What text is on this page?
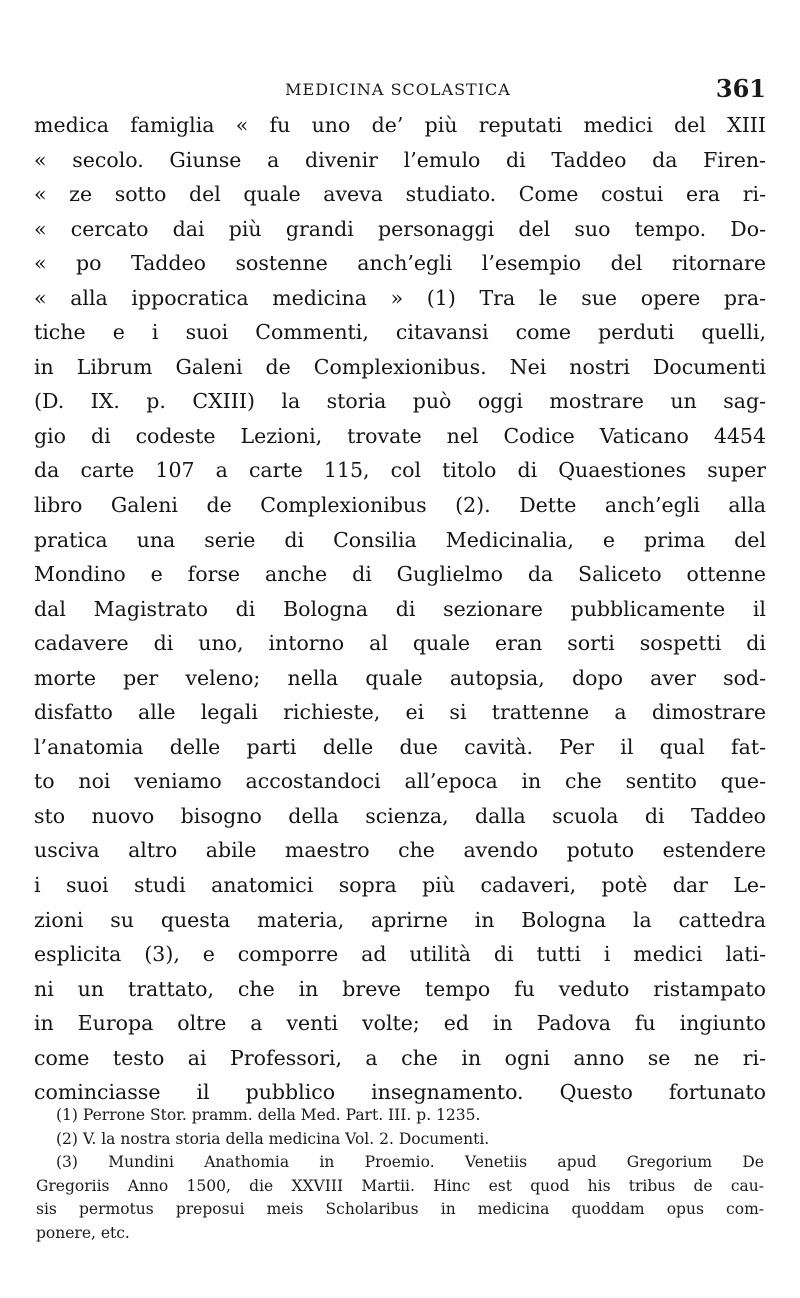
MEDICINA SCOLASTICA	361
medica famiglia « fu uno de’ più reputati medici del XIII
« secolo. Giunse a divenir l’emulo di Taddeo da Firen-
« ze sotto del quale aveva studiato. Come costui era ri-
« cercato dai più grandi personaggi del suo tempo. Do-
« po Taddeo sostenne anch’egli l’esempio del ritornare
« alla ippocratica medicina » (1) Tra le sue opere pra-
tiche e i suoi Commenti, citavansi come perduti quelli,
in Librum Galeni de Complexionibus. Nei nostri Documenti
(D. IX. p. CXIII) la storia può oggi mostrare un sag-
gio di codeste Lezioni, trovate nel Codice Vaticano 4454
da carte 107 a carte 115, col titolo di Quaestiones super
libro Galeni de Complexionibus (2). Dette anch’egli alla
pratica una serie di Consilia Medicinalia, e prima del
Mondino e forse anche di Guglielmo da Saliceto ottenne
dal Magistrato di Bologna di sezionare pubblicamente il
cadavere di uno, intorno al quale eran sorti sospetti di
morte per veleno; nella quale autopsia, dopo aver sod-
disfatto alle legali richieste, ei si trattenne a dimostrare
l’anatomia delle parti delle due cavità. Per il qual fat-
to noi veniamo accostandoci all’epoca in che sentito que-
sto nuovo bisogno della scienza, dalla scuola di Taddeo
usciva altro abile maestro che avendo potuto estendere
i suoi studi anatomici sopra più cadaveri, potè dar Le-
zioni su questa materia, aprirne in Bologna la cattedra
esplicita (3), e comporre ad utilità di tutti i medici lati-
ni un trattato, che in breve tempo fu veduto ristampato
in Europa oltre a venti volte; ed in Padova fu ingiunto
come testo ai Professori, a che in ogni anno se ne ri-
cominciasse il pubblico insegnamento. Questo fortunato
(1) Perrone Stor. pramm. della Med. Part. III. p. 1235.
(2) V. la nostra storia della medicina Vol. 2. Documenti.
(3) Mundini Anathomia in Proemio. Venetiis apud Gregorium De
Gregoriis Anno 1500, die XXVIII Martii. Hinc est quod his tribus de cau-
sis permotus preposui meis Scholaribus in medicina quoddam opus com-
ponere, etc.
